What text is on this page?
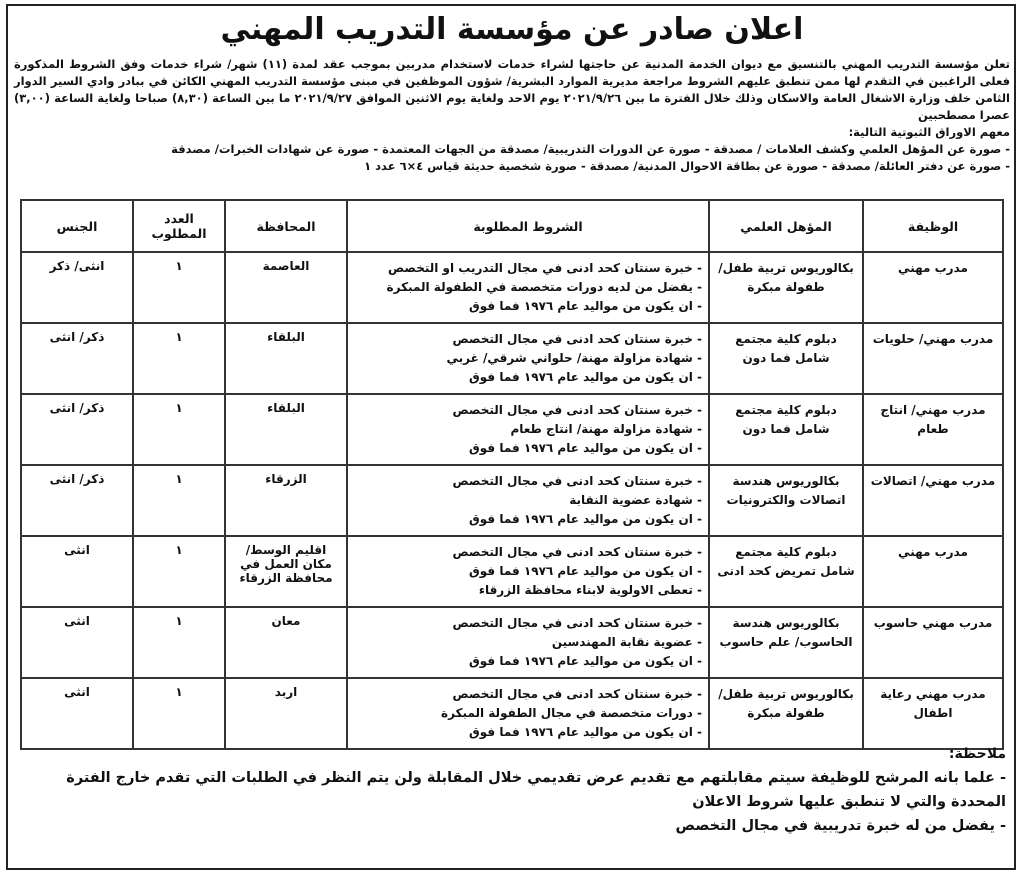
اعلان صادر عن مؤسسة التدريب المهني

تعلن مؤسسة التدريب المهني بالتنسيق مع ديوان الخدمة المدنية عن حاجتها لشراء خدمات لاستخدام مدربين بموجب عقد لمدة (١١) شهر/ شراء خدمات وفق الشروط المذكورة فعلى الراغبين في التقدم لها ممن تنطبق عليهم الشروط مراجعة مديرية الموارد البشرية/ شؤون الموظفين في مبنى مؤسسة التدريب المهني الكائن في ببادر وادي السير الدوار الثامن خلف وزارة الاشغال العامة والاسكان وذلك خلال الفترة ما بين ٢٠٢١/٩/٢٦ يوم الاحد ولغاية يوم الاثنين الموافق ٢٠٢١/٩/٢٧ ما بين الساعة (٨,٣٠) صباحا ولغاية الساعة (٣,٠٠) عصرا مصطحبين

معهم الاوراق الثبوتية التالية:
- صورة عن المؤهل العلمي وكشف العلامات / مصدقة - صورة عن الدورات التدريبية/ مصدقة من الجهات المعتمدة - صورة عن شهادات الخبرات/ مصدقة
- صورة عن دفتر العائلة/ مصدقة - صورة عن بطاقة الاحوال المدنية/ مصدقة - صورة شخصية حديثة قياس ٤×٦ عدد ١
الوظيفة	المؤهل العلمي	الشروط المطلوبة	المحافظة	العدد المطلوب	الجنس
مدرب مهني	بكالوريوس تربية طفل/ طفولة مبكرة	- خبرة سنتان كحد ادنى في مجال التدريب او التخصص
- يفضل من لديه دورات متخصصة في الطفولة المبكرة
- ان يكون من مواليد عام ١٩٧٦ فما فوق	العاصمة	١	انثى/ ذكر
مدرب مهني/ حلويات	دبلوم كلية مجتمع شامل فما دون	- خبرة سنتان كحد ادنى في مجال التخصص
- شهادة مزاولة مهنة/ حلواني شرقي/ غربي
- ان يكون من مواليد عام ١٩٧٦ فما فوق	البلقاء	١	ذكر/ انثى
مدرب مهني/ انتاج طعام	دبلوم كلية مجتمع شامل فما دون	- خبرة سنتان كحد ادنى في مجال التخصص
- شهادة مزاولة مهنة/ انتاج طعام
- ان يكون من مواليد عام ١٩٧٦ فما فوق	البلقاء	١	ذكر/ انثى
مدرب مهني/ اتصالات	بكالوريوس هندسة اتصالات والكترونيات	- خبرة سنتان كحد ادنى في مجال التخصص
- شهادة عضوية النقابة
- ان يكون من مواليد عام ١٩٧٦ فما فوق	الزرقاء	١	ذكر/ انثى
مدرب مهني	دبلوم كلية مجتمع شامل تمريض كحد ادنى	- خبرة سنتان كحد ادنى في مجال التخصص
- ان يكون من مواليد عام ١٩٧٦ فما فوق
- تعطى الاولوية لابناء محافظة الزرقاء	اقليم الوسط/ مكان العمل في محافظة الزرقاء	١	انثى
مدرب مهني حاسوب	بكالوريوس هندسة الحاسوب/ علم حاسوب	- خبرة سنتان كحد ادنى في مجال التخصص
- عضوية نقابة المهندسين
- ان يكون من مواليد عام ١٩٧٦ فما فوق	معان	١	انثى
مدرب مهني رعاية اطفال	بكالوريوس تربية طفل/ طفولة مبكرة	- خبرة سنتان كحد ادنى في مجال التخصص
- دورات متخصصة في مجال الطفولة المبكرة
- ان يكون من مواليد عام ١٩٧٦ فما فوق	اربد	١	انثى
ملاحظة:
- علما بانه المرشح للوظيفة سيتم مقابلتهم مع تقديم عرض تقديمي خلال المقابلة ولن يتم النظر في الطلبات التي تقدم خارج الفترة المحددة والتي لا تنطبق عليها شروط الاعلان
- يفضل من له خبرة تدريبية في مجال التخصص
